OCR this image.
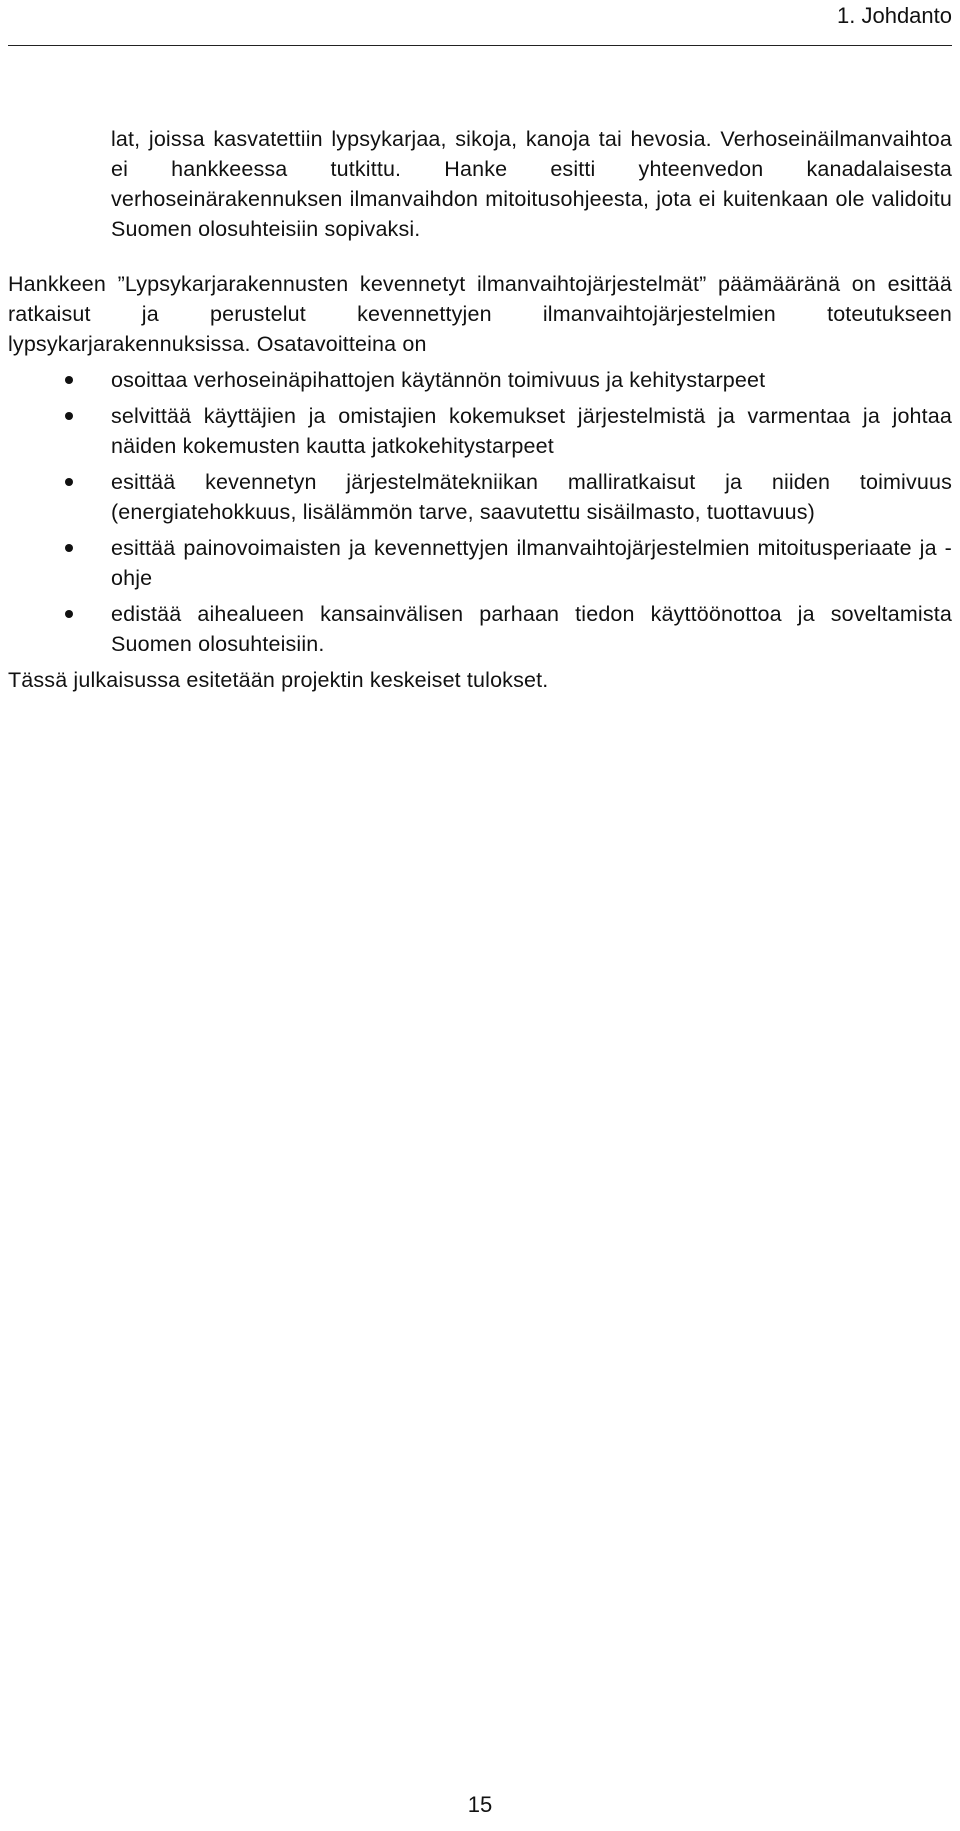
1. Johdanto

lat, joissa kasvatettiin lypsykarjaa, sikoja, kanoja tai hevosia. Verhoseinäilmanvaihtoa ei hankkeessa tutkittu. Hanke esitti yhteenvedon kanadalaisesta verhoseinärakennuksen ilmanvaihdon mitoitusohjeesta, jota ei kuitenkaan ole validoitu Suomen olosuhteisiin sopivaksi.

Hankkeen ”Lypsykarjarakennusten kevennetyt ilmanvaihtojärjestelmät” päämääränä on esittää ratkaisut ja perustelut kevennettyjen ilmanvaihtojärjestelmien toteutukseen lypsykarjarakennuksissa. Osatavoitteina on

osoittaa verhoseinäpihattojen käytännön toimivuus ja kehitystarpeet
selvittää käyttäjien ja omistajien kokemukset järjestelmistä ja varmentaa ja johtaa näiden kokemusten kautta jatkokehitystarpeet
esittää kevennetyn järjestelmätekniikan malliratkaisut ja niiden toimivuus (energiatehokkuus, lisälämmön tarve, saavutettu sisäilmasto, tuottavuus)
esittää painovoimaisten ja kevennettyjen ilmanvaihtojärjestelmien mitoitusperiaate ja -ohje
edistää aihealueen kansainvälisen parhaan tiedon käyttöönottoa ja soveltamista Suomen olosuhteisiin.

Tässä julkaisussa esitetään projektin keskeiset tulokset.

15
